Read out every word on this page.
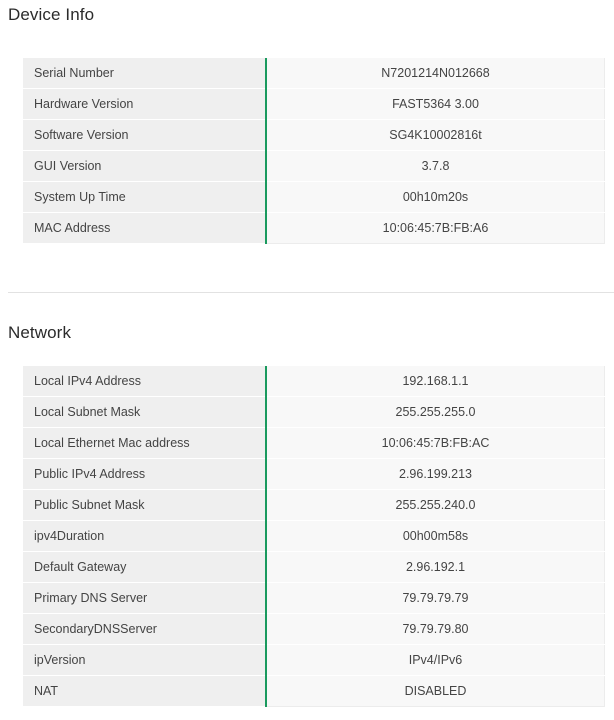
Device Info
Serial Number	N7201214N012668
Hardware Version	FAST5364 3.00
Software Version	SG4K10002816t
GUI Version	3.7.8
System Up Time	00h10m20s
MAC Address	10:06:45:7B:FB:A6
Network
Local IPv4 Address	192.168.1.1
Local Subnet Mask	255.255.255.0
Local Ethernet Mac address	10:06:45:7B:FB:AC
Public IPv4 Address	2.96.199.213
Public Subnet Mask	255.255.240.0
ipv4Duration	00h00m58s
Default Gateway	2.96.192.1
Primary DNS Server	79.79.79.79
SecondaryDNSServer	79.79.79.80
ipVersion	IPv4/IPv6
NAT	DISABLED
